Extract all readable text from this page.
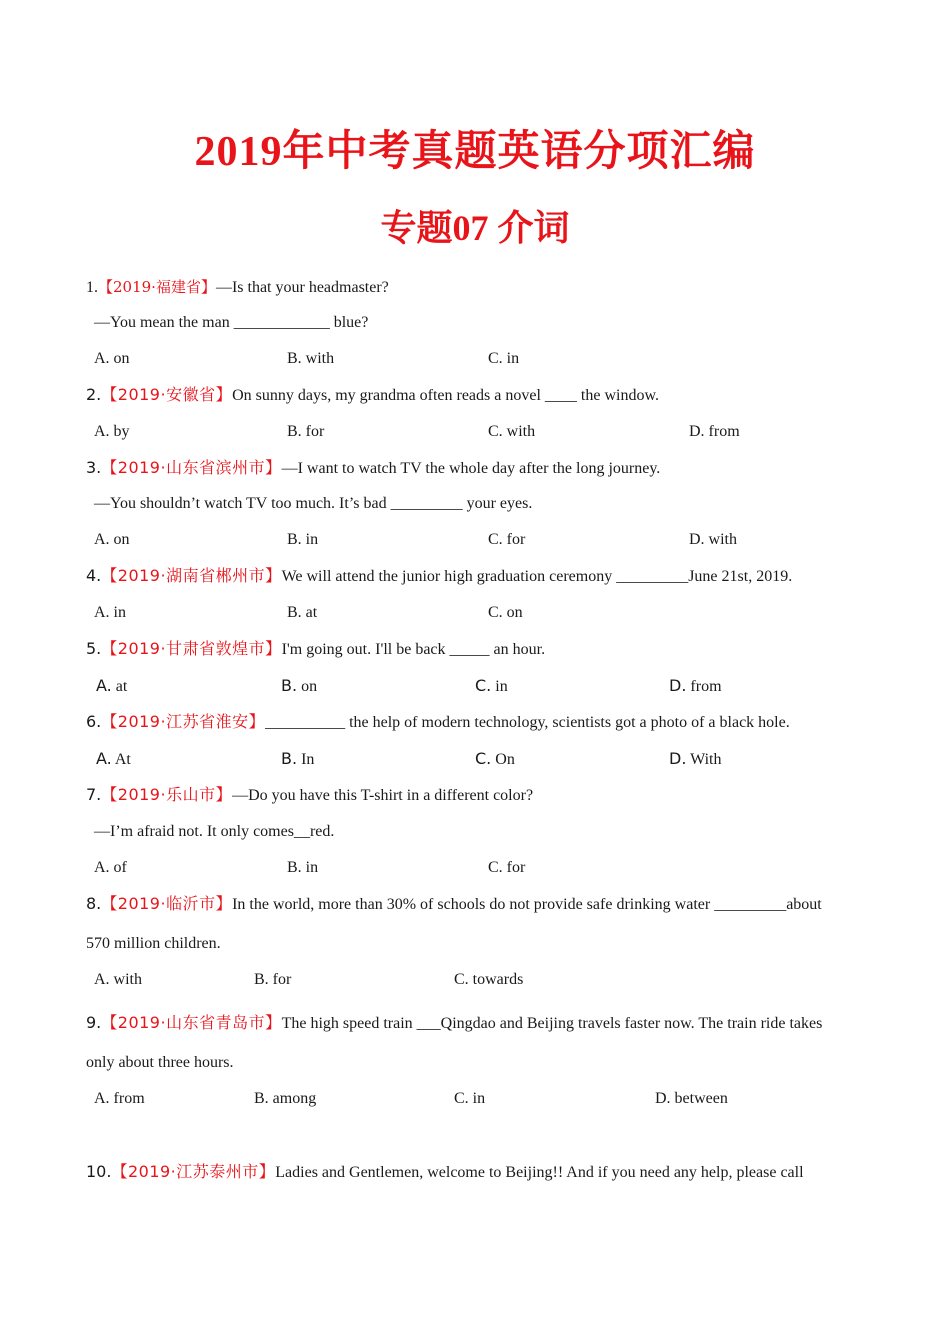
2019年中考真题英语分项汇编
专题07 介词
1.【2019·福建省】—Is that your headmaster?
—You mean the man ____________ blue?
A. on	B. with	C. in
2.【2019·安徽省】On sunny days, my grandma often reads a novel ____ the window.
A. by	B. for	C. with	D. from
3.【2019·山东省滨州市】—I want to watch TV the whole day after the long journey.
—You shouldn’t watch TV too much. It’s bad _________ your eyes.
A. on	B. in	C. for	D. with
4.【2019·湖南省郴州市】We will attend the junior high graduation ceremony _________June 21st, 2019.
A. in	B. at	C. on
5.【2019·甘肃省敦煌市】I'm going out. I'll be back _____ an hour.
A. at	B. on	C. in	D. from
6.【2019·江苏省淮安】__________ the help of modern technology, scientists got a photo of a black hole.
A. At	B. In	C. On	D. With
7.【2019·乐山市】—Do you have this T-shirt in a different color?
—I’m afraid not. It only comes__red.
A. of	B. in	C. for
8.【2019·临沂市】In the world, more than 30% of schools do not provide safe drinking water _________about
570 million children.
A. with	B. for	C. towards
9.【2019·山东省青岛市】The high speed train ___Qingdao and Beijing travels faster now. The train ride takes
only about three hours.
A. from	B. among	C. in	D. between
10.【2019·江苏泰州市】Ladies and Gentlemen, welcome to Beijing!! And if you need any help, please call
